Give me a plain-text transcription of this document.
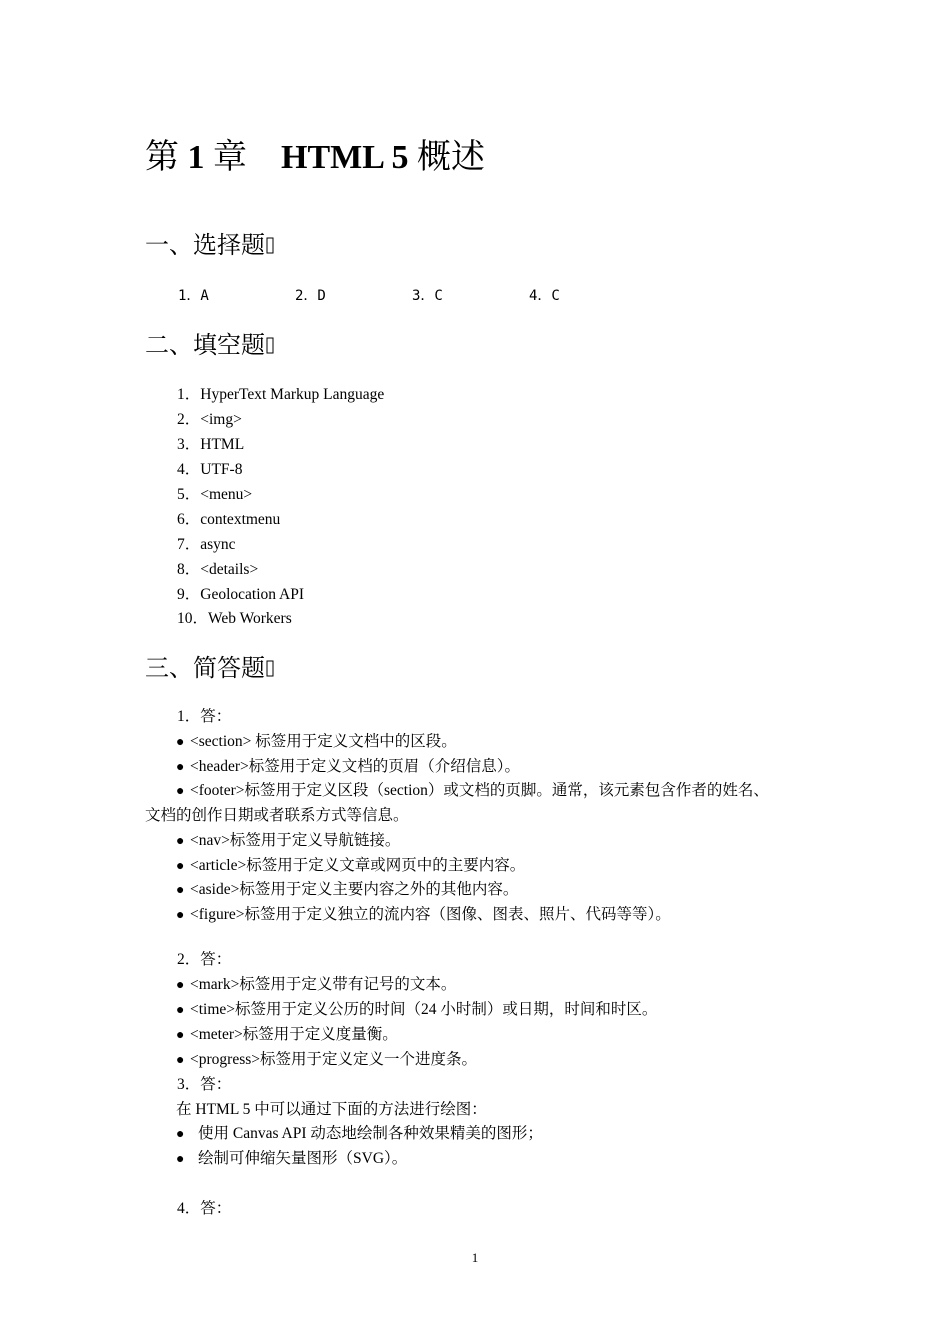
第 1 章 HTML 5 概述
一、选择题
1．A	2．D	3．C	4．C
二、填空题
1．HyperText Markup Language
2．<img>
3．HTML
4．UTF-8
5．<menu>
6．contextmenu
7．async
8．<details>
9．Geolocation API
10．Web Workers
三、简答题
1．答：
● <section> 标签用于定义文档中的区段。
● <header>标签用于定义文档的页眉（介绍信息）。
● <footer>标签用于定义区段（section）或文档的页脚。通常，该元素包含作者的姓名、
文档的创作日期或者联系方式等信息。
● <nav>标签用于定义导航链接。
● <article>标签用于定义文章或网页中的主要内容。
● <aside>标签用于定义主要内容之外的其他内容。
● <figure>标签用于定义独立的流内容（图像、图表、照片、代码等等）。
2．答：
● <mark>标签用于定义带有记号的文本。
● <time>标签用于定义公历的时间（24 小时制）或日期，时间和时区。
● <meter>标签用于定义度量衡。
● <progress>标签用于定义定义一个进度条。
3．答：
在 HTML 5 中可以通过下面的方法进行绘图：
● 使用 Canvas API 动态地绘制各种效果精美的图形；
● 绘制可伸缩矢量图形（SVG）。
4．答：
1
